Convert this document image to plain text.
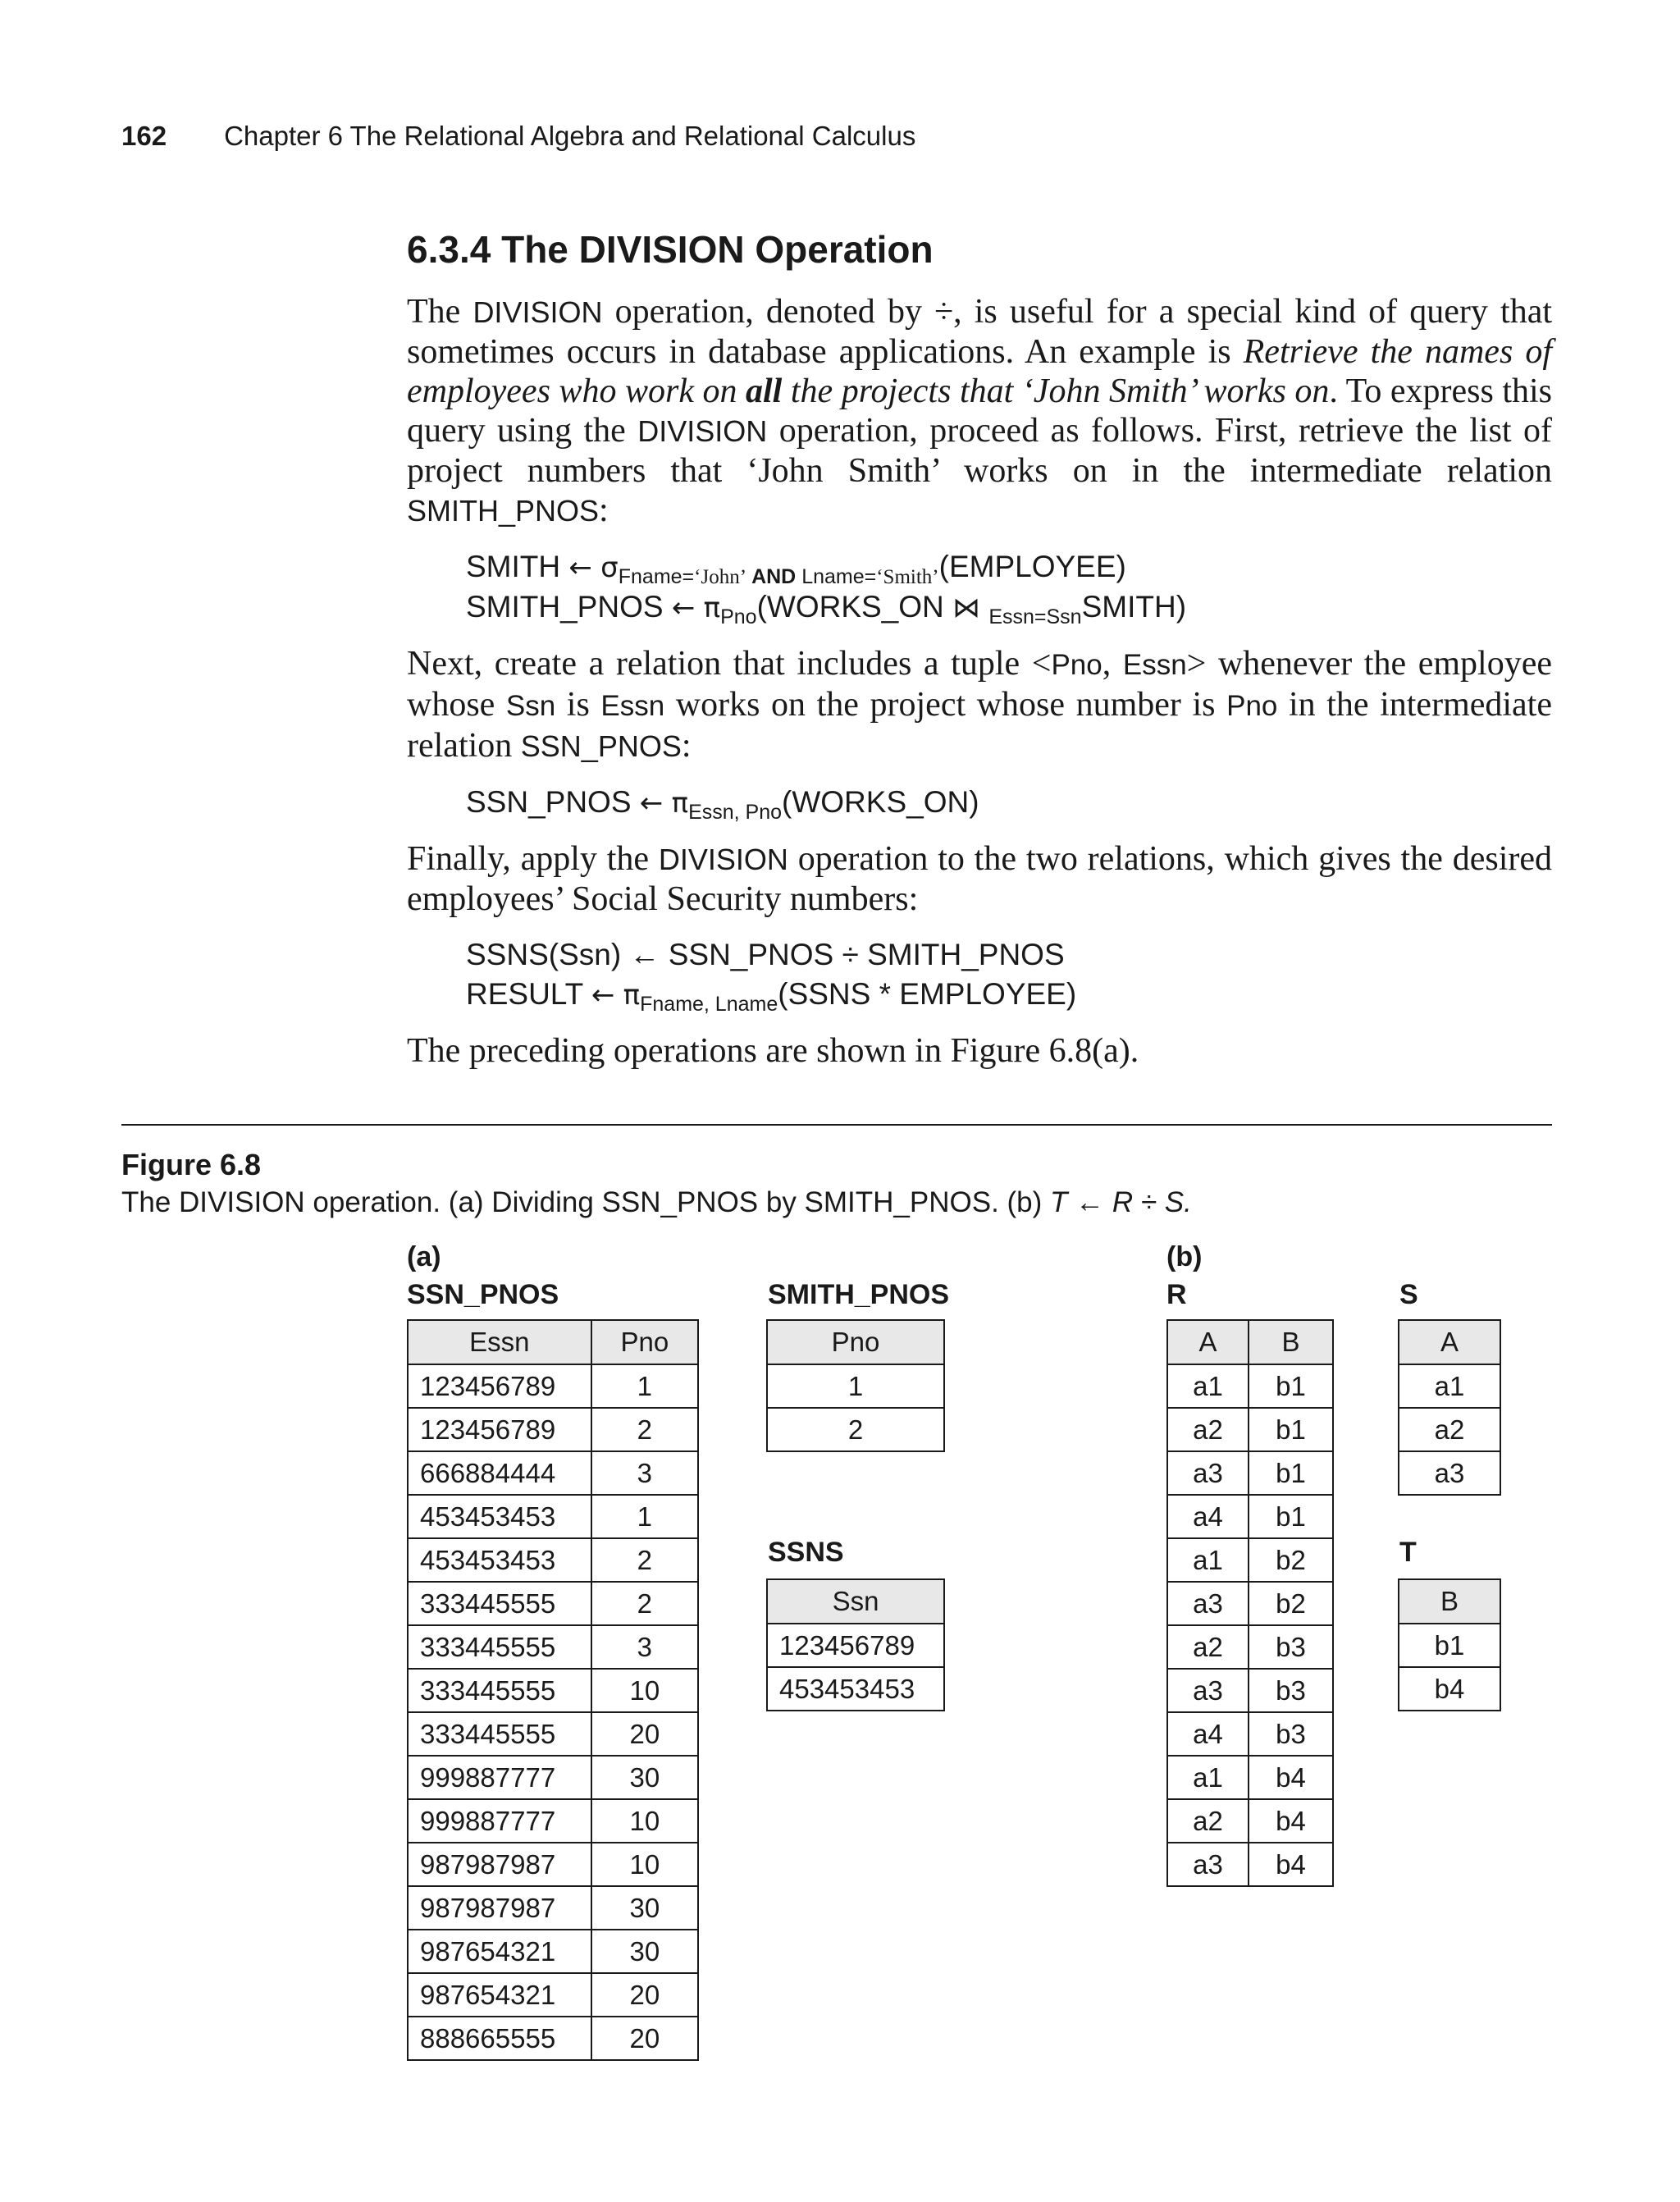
162 Chapter 6 The Relational Algebra and Relational Calculus
6.3.4 The DIVISION Operation

The DIVISION operation, denoted by ÷, is useful for a special kind of query that sometimes occurs in database applications. An example is Retrieve the names of employees who work on all the projects that ‘John Smith’ works on. To express this query using the DIVISION operation, proceed as follows. First, retrieve the list of project numbers that ‘John Smith’ works on in the intermediate relation SMITH_PNOS:

SMITH ← $\sigma_{Fname=‘John’ AND Lname=‘Smith’}(EMPLOYEE)$
SMITH_PNOS ← $\pi_{Pno}(WORKS\_ON$ ⋈ $_{Essn=Ssn}$SMITH)

Next, create a relation that includes a tuple <Pno, Essn> whenever the employee whose Ssn is Essn works on the project whose number is Pno in the intermediate relation SSN_PNOS:

SSN_PNOS ← $\pi_{Essn, Pno}(WORKS\_ON)$

Finally, apply the DIVISION operation to the two relations, which gives the desired employees’ Social Security numbers:

SSNS(Ssn) ← SSN_PNOS ÷ SMITH_PNOS
RESULT ← $\pi_{Fname, Lname}(SSNS$ * EMPLOYEE)

The preceding operations are shown in Figure 6.8(a).

Figure 6.8
The DIVISION operation. (a) Dividing SSN_PNOS by SMITH_PNOS. (b) T ← R ÷ S.
(a)	(b)
SSN_PNOS	SMITH_PNOS	R	S
SSNS	T
Essn	Pno
123456789	1
123456789	2
666884444	3
453453453	1
453453453	2
333445555	2
333445555	3
333445555	10
333445555	20
999887777	30
999887777	10
987987987	10
987987987	30
987654321	30
987654321	20
888665555	20
Pno
1
2
Ssn
123456789
453453453
A	B
a1	b1
a2	b1
a3	b1
a4	b1
a1	b2
a3	b2
a2	b3
a3	b3
a4	b3
a1	b4
a2	b4
a3	b4
A
a1
a2
a3
B
b1
b4
